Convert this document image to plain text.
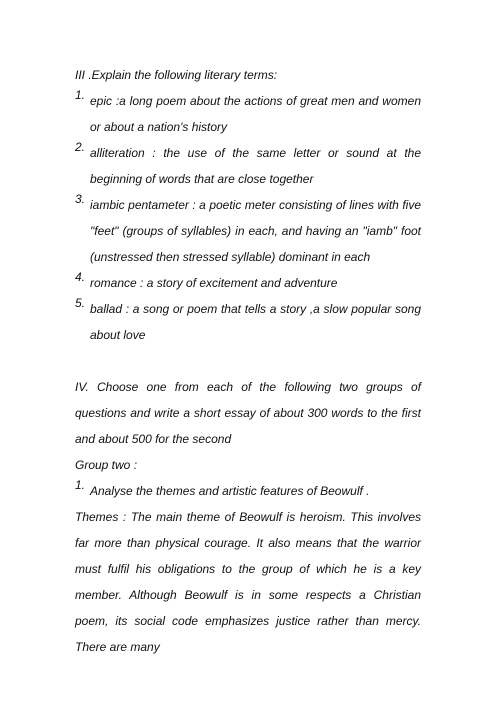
III .Explain the following literary terms:

1. epic :a long poem about the actions of great men and women or about a nation's history

2. alliteration : the use of the same letter or sound at the beginning of words that are close together

3. iambic pentameter : a poetic meter consisting of lines with five "feet" (groups of syllables) in each, and having an "iamb" foot (unstressed then stressed syllable) dominant in each

4. romance : a story of excitement and adventure

5. ballad : a song or poem that tells a story ,a slow popular song about love

IV. Choose one from each of the following two groups of questions and write a short essay of about 300 words to the first and about 500 for the second

Group two :

1. Analyse the themes and artistic features of Beowulf .

Themes : The main theme of Beowulf is heroism. This involves far more than physical courage. It also means that the warrior must fulfil his obligations to the group of which he is a key member. Although Beowulf is in some respects a Christian poem, its social code emphasizes justice rather than mercy. There are many
